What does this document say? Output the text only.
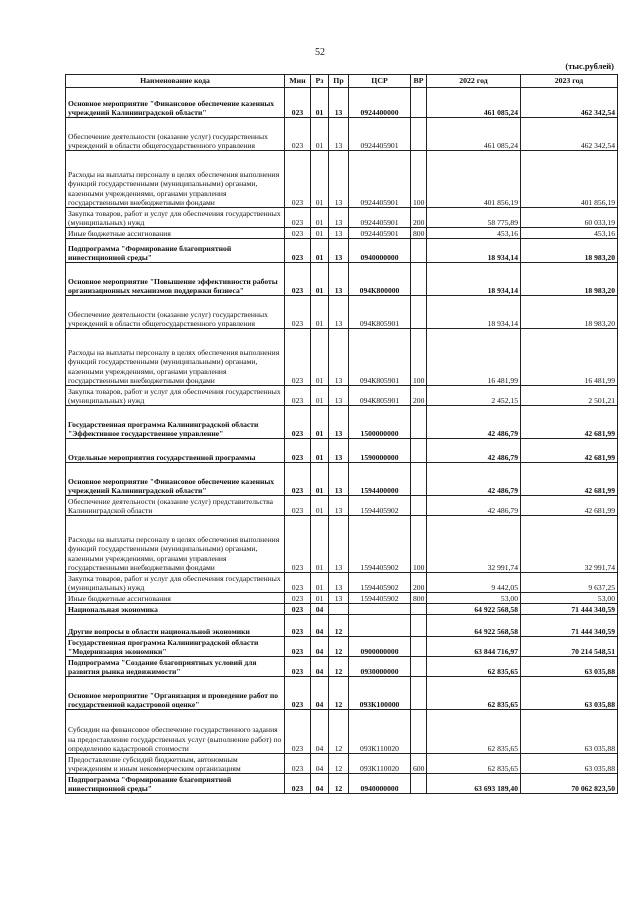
52
(тыс.рублей)
Наименование кода	Мин	Рз	Пр	ЦСР	ВР	2022 год	2023 год
Основное мероприятие "Финансовое обеспечение казенных учреждений Калининградской области"	023	01	13	0924400000		461 085,24	462 342,54
Обеспечение деятельности (оказание услуг) государственных учреждений в области общегосударственного управления	023	01	13	0924405901		461 085,24	462 342,54
Расходы на выплаты персоналу в целях обеспечения выполнения функций государственными (муниципальными) органами, казенными учреждениями, органами управления государственными внебюджетными фондами	023	01	13	0924405901	100	401 856,19	401 856,19
Закупка товаров, работ и услуг для обеспечения государственных (муниципальных) нужд	023	01	13	0924405901	200	58 775,89	60 033,19
Иные бюджетные ассигнования	023	01	13	0924405901	800	453,16	453,16
Подпрограмма "Формирование благоприятной инвестиционной среды"	023	01	13	0940000000		18 934,14	18 983,20
Основное мероприятие "Повышение эффективности работы организационных механизмов поддержки бизнеса"	023	01	13	094К800000		18 934,14	18 983,20
Обеспечение деятельности (оказание услуг) государственных учреждений в области общегосударственного управления	023	01	13	094К805901		18 934,14	18 983,20
Расходы на выплаты персоналу в целях обеспечения выполнения функций государственными (муниципальными) органами, казенными учреждениями, органами управления государственными внебюджетными фондами	023	01	13	094К805901	100	16 481,99	16 481,99
Закупка товаров, работ и услуг для обеспечения государственных (муниципальных) нужд	023	01	13	094К805901	200	2 452,15	2 501,21
Государственная программа Калининградской области "Эффективное государственное управление"	023	01	13	1500000000		42 486,79	42 681,99
Отдельные мероприятия государственной программы	023	01	13	1590000000		42 486,79	42 681,99
Основное мероприятие "Финансовое обеспечение казенных учреждений Калининградской области"	023	01	13	1594400000		42 486,79	42 681,99
Обеспечение деятельности (оказание услуг) представительства Калининградской области	023	01	13	1594405902		42 486,79	42 681,99
Расходы на выплаты персоналу в целях обеспечения выполнения функций государственными (муниципальными) органами, казенными учреждениями, органами управления государственными внебюджетными фондами	023	01	13	1594405902	100	32 991,74	32 991,74
Закупка товаров, работ и услуг для обеспечения государственных (муниципальных) нужд	023	01	13	1594405902	200	9 442,05	9 637,25
Иные бюджетные ассигнования	023	01	13	1594405902	800	53,00	53,00
Национальная экономика	023	04				64 922 568,58	71 444 340,59
Другие вопросы в области национальной экономики	023	04	12			64 922 568,58	71 444 340,59
Государственная программа Калининградской области "Модернизация экономики"	023	04	12	0900000000		63 844 716,97	70 214 548,51
Подпрограмма "Создание благоприятных условий для развития рынка недвижимости"	023	04	12	0930000000		62 835,65	63 035,88
Основное мероприятие "Организация и проведение работ по государственной кадастровой оценке"	023	04	12	093К100000		62 835,65	63 035,88
Субсидии на финансовое обеспечение государственного задания на предоставление государственных услуг (выполнение работ) по определению кадастровой стоимости	023	04	12	093К110020		62 835,65	63 035,88
Предоставление субсидий бюджетным, автономным учреждениям и иным некоммерческим организациям	023	04	12	093К110020	600	62 835,65	63 035,88
Подпрограмма "Формирование благоприятной инвестиционной среды"	023	04	12	0940000000		63 693 189,40	70 062 823,50
